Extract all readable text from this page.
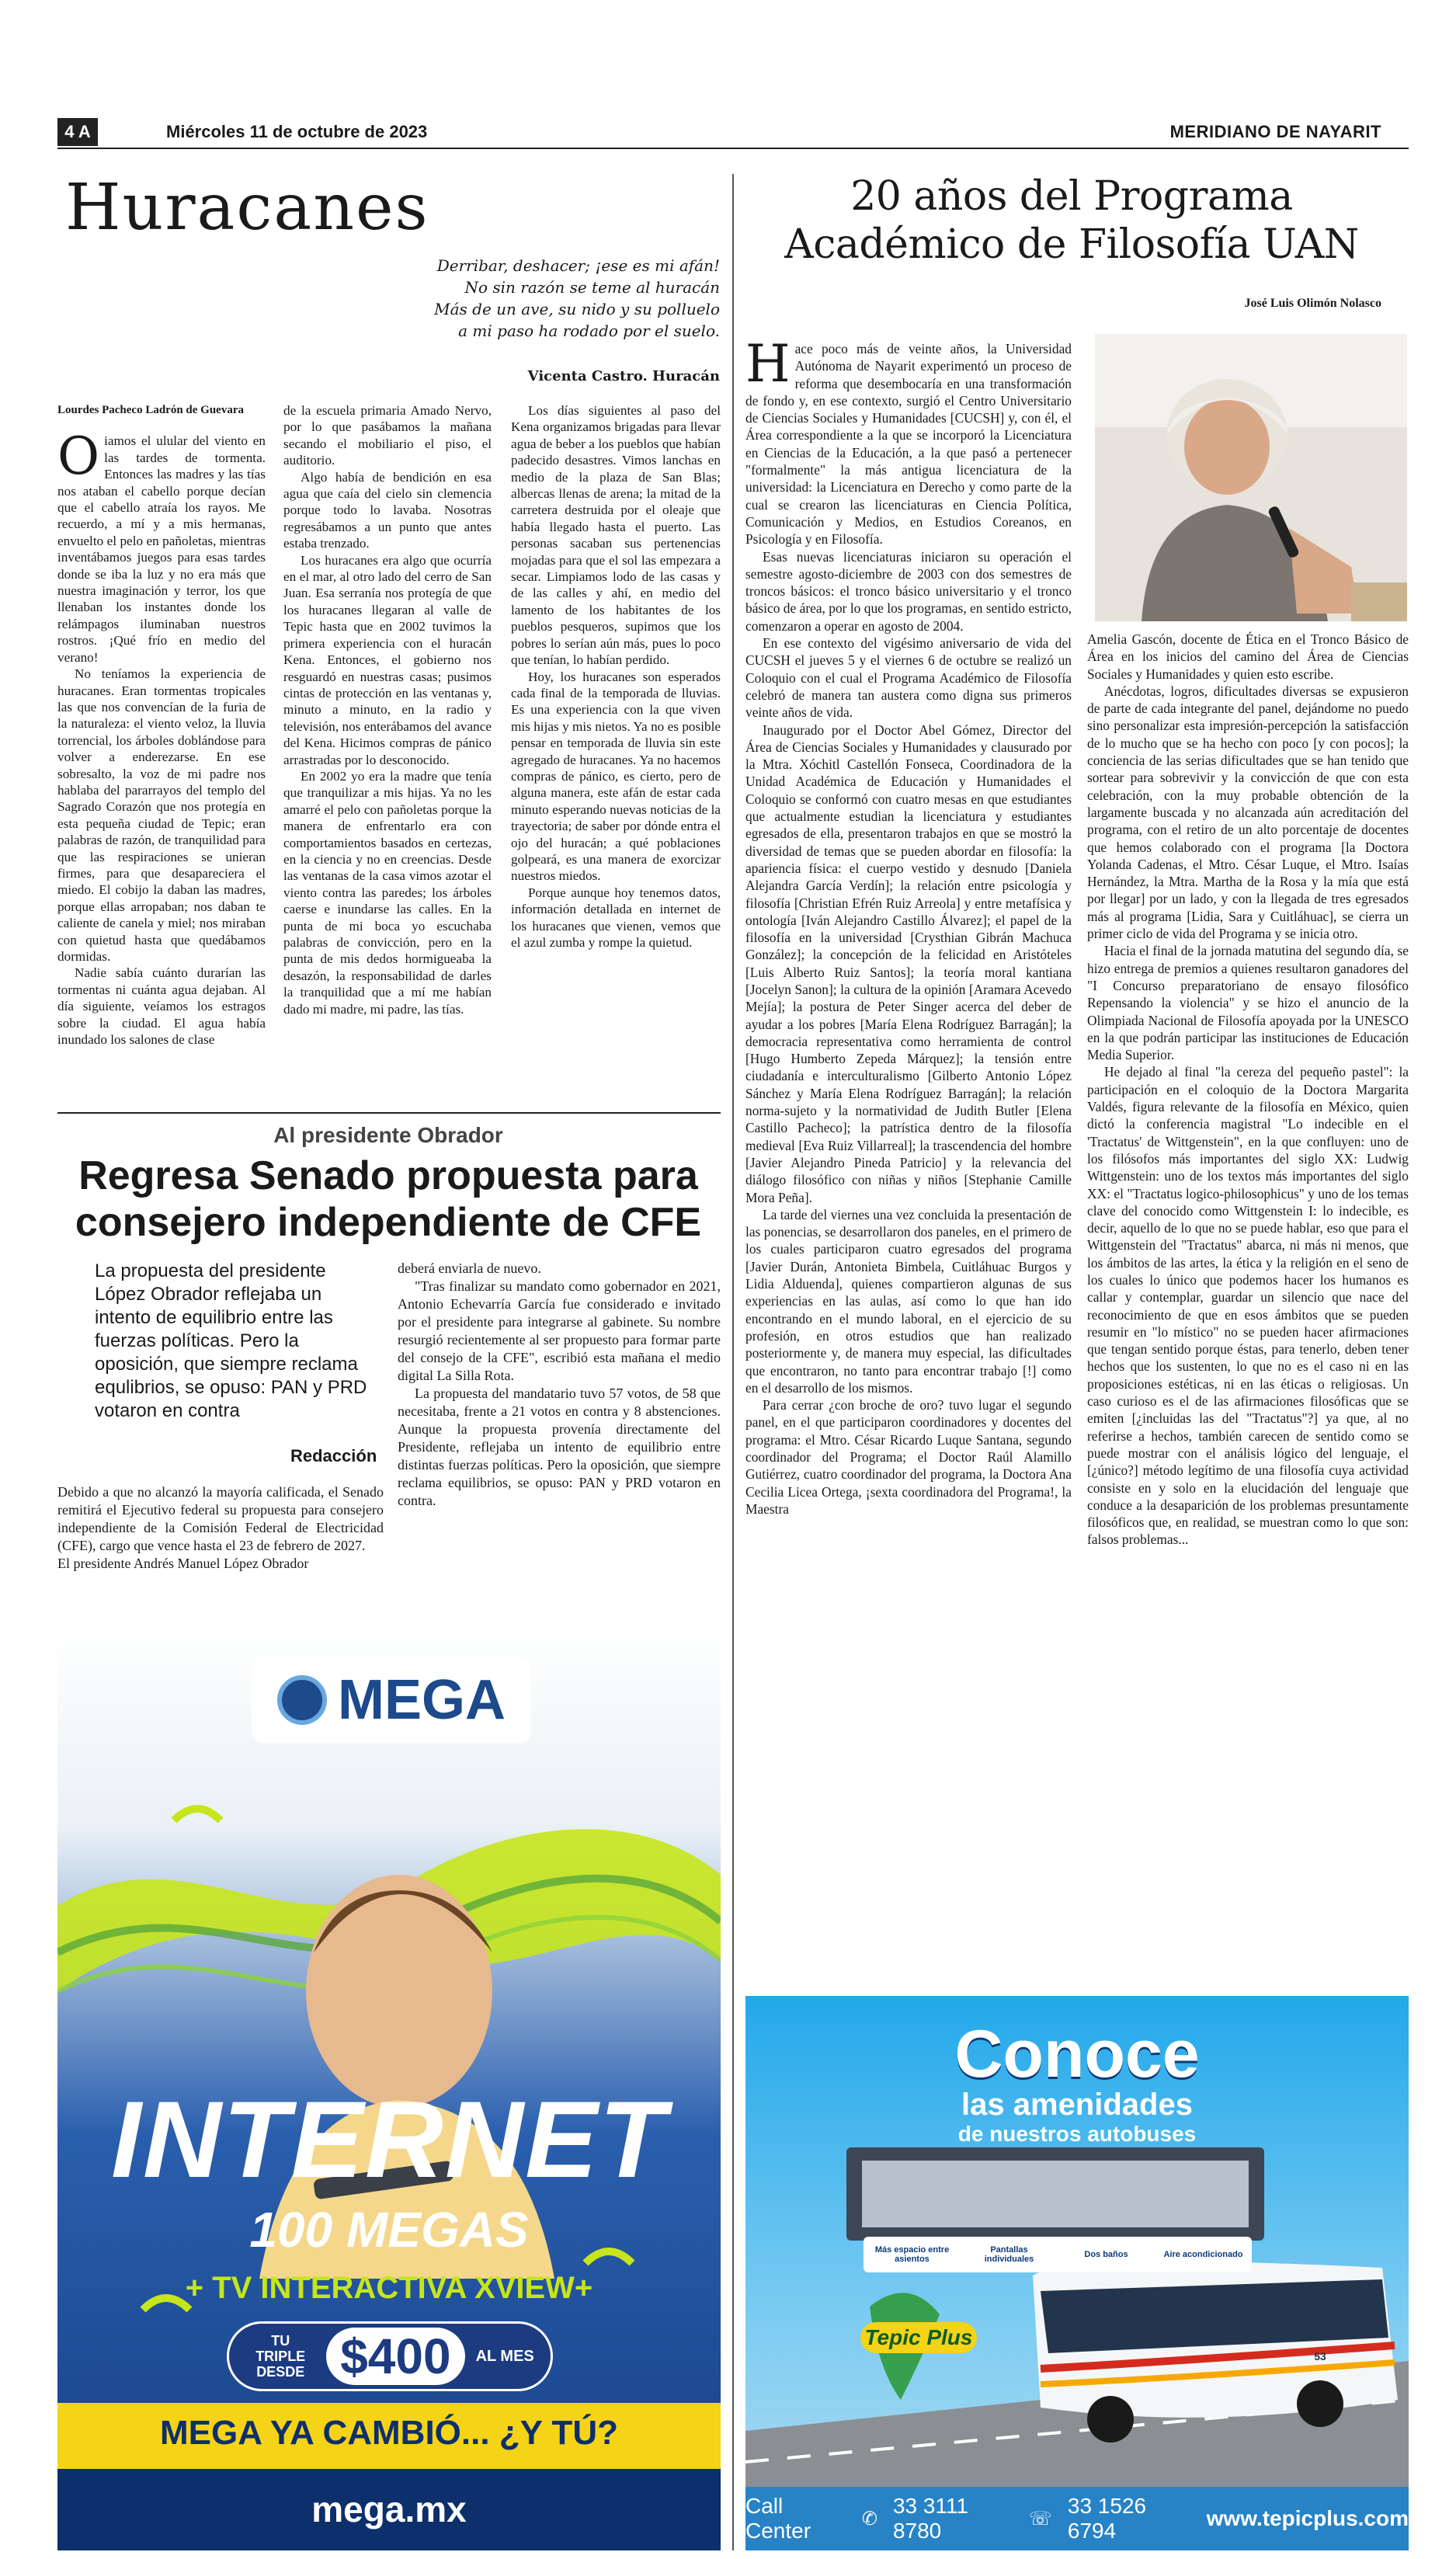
4 A	Miércoles 11 de octubre de 2023	MERIDIANO DE NAYARIT
Huracanes
Derribar, deshacer; ¡ese es mi afán!
No sin razón se teme al huracán
Más de un ave, su nido y su polluelo
a mi paso ha rodado por el suelo.
Vicenta Castro. Huracán
Lourdes Pacheco Ladrón de Guevara

Oiamos el ulular del viento en las tardes de tormenta. Entonces las madres y las tías nos ataban el cabello porque decían que el cabello atraía los rayos. Me recuerdo, a mí y a mis hermanas, envuelto el pelo en pañoletas, mientras inventábamos juegos para esas tardes donde se iba la luz y no era más que nuestra imaginación y terror, los que llenaban los instantes donde los relámpagos iluminaban nuestros rostros. ¡Qué frío en medio del verano!

No teníamos la experiencia de huracanes. Eran tormentas tropicales las que nos convencían de la furia de la naturaleza: el viento veloz, la lluvia torrencial, los árboles doblándose para volver a enderezarse. En ese sobresalto, la voz de mi padre nos hablaba del pararrayos del templo del Sagrado Corazón que nos protegía en esta pequeña ciudad de Tepic; eran palabras de razón, de tranquilidad para que las respiraciones se unieran firmes, para que desapareciera el miedo. El cobijo la daban las madres, porque ellas arropaban; nos daban te caliente de canela y miel; nos miraban con quietud hasta que quedábamos dormidas.

Nadie sabía cuánto durarían las tormentas ni cuánta agua dejaban. Al día siguiente, veíamos los estragos sobre la ciudad. El agua había inundado los salones de clase

de la escuela primaria Amado Nervo, por lo que pasábamos la mañana secando el mobiliario el piso, el auditorio.

Algo había de bendición en esa agua que caía del cielo sin clemencia porque todo lo lavaba. Nosotras regresábamos a un punto que antes estaba trenzado.

Los huracanes era algo que ocurría en el mar, al otro lado del cerro de San Juan. Esa serranía nos protegía de que los huracanes llegaran al valle de Tepic hasta que en 2002 tuvimos la primera experiencia con el huracán Kena. Entonces, el gobierno nos resguardó en nuestras casas; pusimos cintas de protección en las ventanas y, minuto a minuto, en la radio y televisión, nos enterábamos del avance del Kena. Hicimos compras de pánico arrastradas por lo desconocido.

En 2002 yo era la madre que tenía que tranquilizar a mis hijas. Ya no les amarré el pelo con pañoletas porque la manera de enfrentarlo era con comportamientos basados en certezas, en la ciencia y no en creencias. Desde las ventanas de la casa vimos azotar el viento contra las paredes; los árboles caerse e inundarse las calles. En la punta de mi boca yo escuchaba palabras de convicción, pero en la punta de mis dedos hormigueaba la desazón, la responsabilidad de darles la tranquilidad que a mí me habían dado mi madre, mi padre, las tías.

Los días siguientes al paso del Kena organizamos brigadas para llevar agua de beber a los pueblos que habían padecido desastres. Vimos lanchas en medio de la plaza de San Blas; albercas llenas de arena; la mitad de la carretera destruida por el oleaje que había llegado hasta el puerto. Las personas sacaban sus pertenencias mojadas para que el sol las empezara a secar. Limpiamos lodo de las casas y de las calles y ahí, en medio del lamento de los habitantes de los pueblos pesqueros, supimos que los pobres lo serían aún más, pues lo poco que tenían, lo habían perdido.

Hoy, los huracanes son esperados cada final de la temporada de lluvias. Es una experiencia con la que viven mis hijas y mis nietos. Ya no es posible pensar en temporada de lluvia sin este agregado de huracanes. Ya no hacemos compras de pánico, es cierto, pero de alguna manera, este afán de estar cada minuto esperando nuevas noticias de la trayectoria; de saber por dónde entra el ojo del huracán; a qué poblaciones golpeará, es una manera de exorcizar nuestros miedos.

Porque aunque hoy tenemos datos, información detallada en internet de los huracanes que vienen, vemos que el azul zumba y rompe la quietud.

Al presidente Obrador
Regresa Senado propuesta para consejero independiente de CFE
La propuesta del presidente López Obrador reflejaba un intento de equilibrio entre las fuerzas políticas. Pero la oposición, que siempre reclama equlibrios, se opuso: PAN y PRD votaron en contra
Redacción

Debido a que no alcanzó la mayoría calificada, el Senado remitirá el Ejecutivo federal su propuesta para consejero independiente de la Comisión Federal de Electricidad (CFE), cargo que vence hasta el 23 de febrero de 2027.

El presidente Andrés Manuel López Obrador

deberá enviarla de nuevo.

"Tras finalizar su mandato como gobernador en 2021, Antonio Echevarría García fue considerado e invitado por el presidente para integrarse al gabinete. Su nombre resurgió recientemente al ser propuesto para formar parte del consejo de la CFE", escribió esta mañana el medio digital La Silla Rota.

La propuesta del mandatario tuvo 57 votos, de 58 que necesitaba, frente a 21 votos en contra y 8 abstenciones. Aunque la propuesta provenía directamente del Presidente, reflejaba un intento de equilibrio entre distintas fuerzas políticas. Pero la oposición, que siempre reclama equilibrios, se opuso: PAN y PRD votaron en contra.

MEGA
INTERNET
100 MEGAS
+ TV INTERACTIVA XVIEW+
TU TRIPLE DESDE $400	AL MES
MEGA YA CAMBIÓ... ¿Y TÚ?
mega.mx
20 años del Programa Académico de Filosofía UAN
José Luis Olimón Nolasco

Hace poco más de veinte años, la Universidad Autónoma de Nayarit experimentó un proceso de reforma que desembocaría en una transformación de fondo y, en ese contexto, surgió el Centro Universitario de Ciencias Sociales y Humanidades [CUCSH] y, con él, el Área correspondiente a la que se incorporó la Licenciatura en Ciencias de la Educación, a la que pasó a pertenecer "formalmente" la más antigua licenciatura de la universidad: la Licenciatura en Derecho y como parte de la cual se crearon las licenciaturas en Ciencia Política, Comunicación y Medios, en Estudios Coreanos, en Psicología y en Filosofía.

Esas nuevas licenciaturas iniciaron su operación el semestre agosto-diciembre de 2003 con dos semestres de troncos básicos: el tronco básico universitario y el tronco básico de área, por lo que los programas, en sentido estricto, comenzaron a operar en agosto de 2004.

En ese contexto del vigésimo aniversario de vida del CUCSH el jueves 5 y el viernes 6 de octubre se realizó un Coloquio con el cual el Programa Académico de Filosofía celebró de manera tan austera como digna sus primeros veinte años de vida.

Inaugurado por el Doctor Abel Gómez, Director del Área de Ciencias Sociales y Humanidades y clausurado por la Mtra. Xóchitl Castellón Fonseca, Coordinadora de la Unidad Académica de Educación y Humanidades el Coloquio se conformó con cuatro mesas en que estudiantes que actualmente estudian la licenciatura y estudiantes egresados de ella, presentaron trabajos en que se mostró la diversidad de temas que se pueden abordar en filosofía: la apariencia física: el cuerpo vestido y desnudo [Daniela Alejandra García Verdín]; la relación entre psicología y filosofía [Christian Efrén Ruiz Arreola] y entre metafísica y ontología [Iván Alejandro Castillo Álvarez]; el papel de la filosofía en la universidad [Crysthian Gibrán Machuca González]; la concepción de la felicidad en Aristóteles [Luis Alberto Ruiz Santos]; la teoría moral kantiana [Jocelyn Sanon]; la cultura de la opinión [Aramara Acevedo Mejía]; la postura de Peter Singer acerca del deber de ayudar a los pobres [María Elena Rodríguez Barragán]; la democracia representativa como herramienta de control [Hugo Humberto Zepeda Márquez]; la tensión entre ciudadanía e interculturalismo [Gilberto Antonio López Sánchez y María Elena Rodríguez Barragán]; la relación norma-sujeto y la normatividad de Judith Butler [Elena Castillo Pacheco]; la patrística dentro de la filosofía medieval [Eva Ruiz Villarreal]; la trascendencia del hombre [Javier Alejandro Pineda Patricio] y la relevancia del diálogo filosófico con niñas y niños [Stephanie Camille Mora Peña].

La tarde del viernes una vez concluida la presentación de las ponencias, se desarrollaron dos paneles, en el primero de los cuales participaron cuatro egresados del programa [Javier Durán, Antonieta Bimbela, Cuitláhuac Burgos y Lidia Alduenda], quienes compartieron algunas de sus experiencias en las aulas, así como lo que han ido encontrando en el mundo laboral, en el ejercicio de su profesión, en otros estudios que han realizado posteriormente y, de manera muy especial, las dificultades que encontraron, no tanto para encontrar trabajo [!] como en el desarrollo de los mismos.

Para cerrar ¿con broche de oro? tuvo lugar el segundo panel, en el que participaron coordinadores y docentes del programa: el Mtro. César Ricardo Luque Santana, segundo coordinador del Programa; el Doctor Raúl Alamillo Gutiérrez, cuatro coordinador del programa, la Doctora Ana Cecilia Licea Ortega, ¡sexta coordinadora del Programa!, la Maestra

Amelia Gascón, docente de Ética en el Tronco Básico de Área en los inicios del camino del Área de Ciencias Sociales y Humanidades y quien esto escribe.

Anécdotas, logros, dificultades diversas se expusieron de parte de cada integrante del panel, dejándome no puedo sino personalizar esta impresión-percepción la satisfacción de lo mucho que se ha hecho con poco [y con pocos]; la conciencia de las serias dificultades que se han tenido que sortear para sobrevivir y la convicción de que con esta celebración, con la muy probable obtención de la largamente buscada y no alcanzada aún acreditación del programa, con el retiro de un alto porcentaje de docentes que hemos colaborado con el programa [la Doctora Yolanda Cadenas, el Mtro. César Luque, el Mtro. Isaías Hernández, la Mtra. Martha de la Rosa y la mía que está por llegar] por un lado, y con la llegada de tres egresados más al programa [Lidia, Sara y Cuitláhuac], se cierra un primer ciclo de vida del Programa y se inicia otro.

Hacia el final de la jornada matutina del segundo día, se hizo entrega de premios a quienes resultaron ganadores del "I Concurso preparatoriano de ensayo filosófico Repensando la violencia" y se hizo el anuncio de la Olimpiada Nacional de Filosofía apoyada por la UNESCO en la que podrán participar las instituciones de Educación Media Superior.

He dejado al final "la cereza del pequeño pastel": la participación en el coloquio de la Doctora Margarita Valdés, figura relevante de la filosofía en México, quien dictó la conferencia magistral "Lo indecible en el 'Tractatus' de Wittgenstein", en la que confluyen: uno de los filósofos más importantes del siglo XX: Ludwig Wittgenstein: uno de los textos más importantes del siglo XX: el "Tractatus logico-philosophicus" y uno de los temas clave del conocido como Wittgenstein I: lo indecible, es decir, aquello de lo que no se puede hablar, eso que para el Wittgenstein del "Tractatus" abarca, ni más ni menos, que los ámbitos de las artes, la ética y la religión en el seno de los cuales lo único que podemos hacer los humanos es callar y contemplar, guardar un silencio que nace del reconocimiento de que en esos ámbitos que se pueden resumir en "lo místico" no se pueden hacer afirmaciones que tengan sentido porque éstas, para tenerlo, deben tener hechos que los sustenten, lo que no es el caso ni en las proposiciones estéticas, ni en las éticas o religiosas. Un caso curioso es el de las afirmaciones filosóficas que se emiten [¿incluidas las del "Tractatus"?] ya que, al no referirse a hechos, también carecen de sentido como se puede mostrar con el análisis lógico del lenguaje, el [¿único?] método legítimo de una filosofía cuya actividad consiste en y solo en la elucidación del lenguaje que conduce a la desaparición de los problemas presuntamente filosóficos que, en realidad, se muestran como lo que son: falsos problemas...

Conoce
las amenidades
de nuestros autobuses
Más espacio entre asientos
Pantallas individuales	Dos baños	Aire acondicionado
Tepic Plus
53
Call Center	✆
33 3111 8780	☏
33 1526 6794
www.tepicplus.com
